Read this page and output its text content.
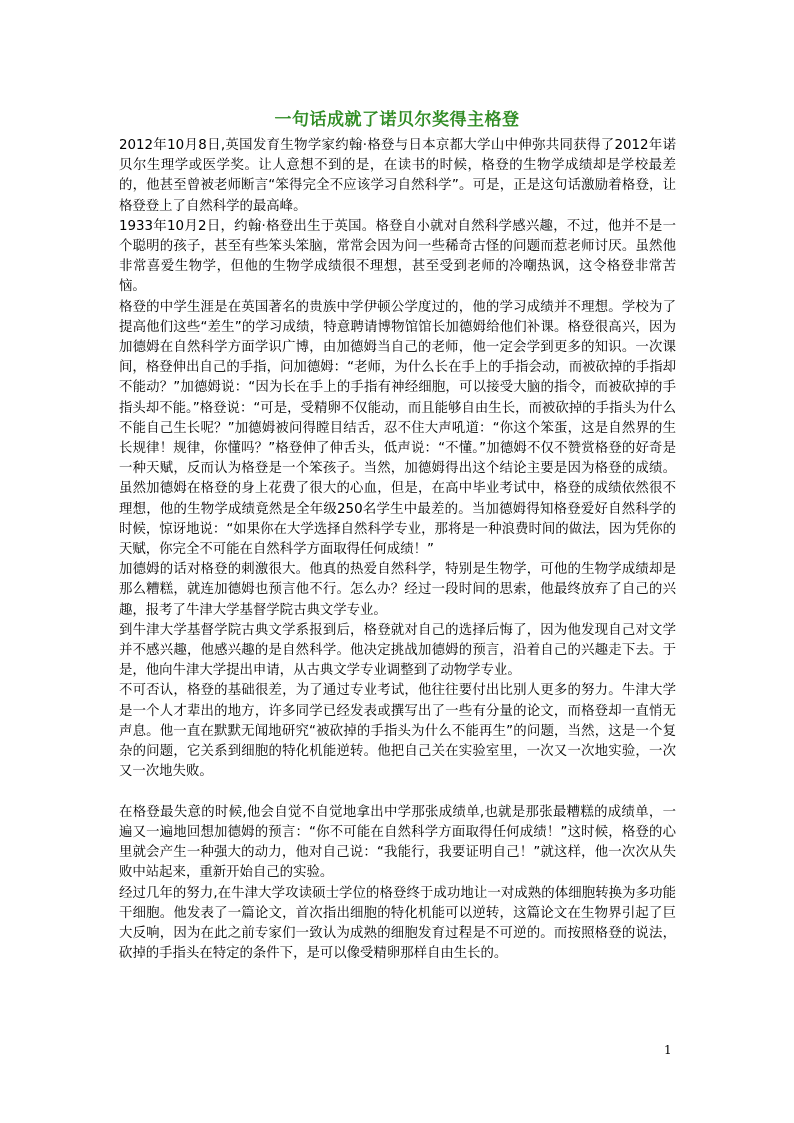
一句话成就了诺贝尔奖得主格登

2012年10月8日,英国发育生物学家约翰·格登与日本京都大学山中伸弥共同获得了2012年诺贝尔生理学或医学奖。让人意想不到的是，在读书的时候，格登的生物学成绩却是学校最差的，他甚至曾被老师断言“笨得完全不应该学习自然科学”。可是，正是这句话激励着格登，让格登登上了自然科学的最高峰。

1933年10月2日，约翰·格登出生于英国。格登自小就对自然科学感兴趣，不过，他并不是一个聪明的孩子，甚至有些笨头笨脑，常常会因为问一些稀奇古怪的问题而惹老师讨厌。虽然他非常喜爱生物学，但他的生物学成绩很不理想，甚至受到老师的冷嘲热讽，这令格登非常苦恼。

格登的中学生涯是在英国著名的贵族中学伊顿公学度过的，他的学习成绩并不理想。学校为了提高他们这些“差生”的学习成绩，特意聘请博物馆馆长加德姆给他们补课。格登很高兴，因为加德姆在自然科学方面学识广博，由加德姆当自己的老师，他一定会学到更多的知识。一次课间，格登伸出自己的手指，问加德姆：“老师，为什么长在手上的手指会动，而被砍掉的手指却不能动？”加德姆说：“因为长在手上的手指有神经细胞，可以接受大脑的指令，而被砍掉的手指头却不能。”格登说：“可是，受精卵不仅能动，而且能够自由生长，而被砍掉的手指头为什么不能自己生长呢？”加德姆被问得瞠目结舌，忍不住大声吼道：“你这个笨蛋，这是自然界的生长规律！规律，你懂吗？”格登伸了伸舌头，低声说：“不懂。”加德姆不仅不赞赏格登的好奇是一种天赋，反而认为格登是一个笨孩子。当然，加德姆得出这个结论主要是因为格登的成绩。虽然加德姆在格登的身上花费了很大的心血，但是，在高中毕业考试中，格登的成绩依然很不理想，他的生物学成绩竟然是全年级250名学生中最差的。当加德姆得知格登爱好自然科学的时候，惊讶地说：“如果你在大学选择自然科学专业，那将是一种浪费时间的做法，因为凭你的天赋，你完全不可能在自然科学方面取得任何成绩！”

加德姆的话对格登的刺激很大。他真的热爱自然科学，特别是生物学，可他的生物学成绩却是那么糟糕，就连加德姆也预言他不行。怎么办？经过一段时间的思索，他最终放弃了自己的兴趣，报考了牛津大学基督学院古典文学专业。

到牛津大学基督学院古典文学系报到后，格登就对自己的选择后悔了，因为他发现自己对文学并不感兴趣，他感兴趣的是自然科学。他决定挑战加德姆的预言，沿着自己的兴趣走下去。于是，他向牛津大学提出申请，从古典文学专业调整到了动物学专业。

不可否认，格登的基础很差，为了通过专业考试，他往往要付出比别人更多的努力。牛津大学是一个人才辈出的地方，许多同学已经发表或撰写出了一些有分量的论文，而格登却一直悄无声息。他一直在默默无闻地研究“被砍掉的手指头为什么不能再生”的问题，当然，这是一个复杂的问题，它关系到细胞的特化机能逆转。他把自己关在实验室里，一次又一次地实验，一次又一次地失败。

在格登最失意的时候,他会自觉不自觉地拿出中学那张成绩单,也就是那张最糟糕的成绩单，一遍又一遍地回想加德姆的预言：“你不可能在自然科学方面取得任何成绩！”这时候，格登的心里就会产生一种强大的动力，他对自己说：“我能行，我要证明自己！”就这样，他一次次从失败中站起来，重新开始自己的实验。

经过几年的努力,在牛津大学攻读硕士学位的格登终于成功地让一对成熟的体细胞转换为多功能干细胞。他发表了一篇论文，首次指出细胞的特化机能可以逆转，这篇论文在生物界引起了巨大反响，因为在此之前专家们一致认为成熟的细胞发育过程是不可逆的。而按照格登的说法，砍掉的手指头在特定的条件下，是可以像受精卵那样自由生长的。

1
